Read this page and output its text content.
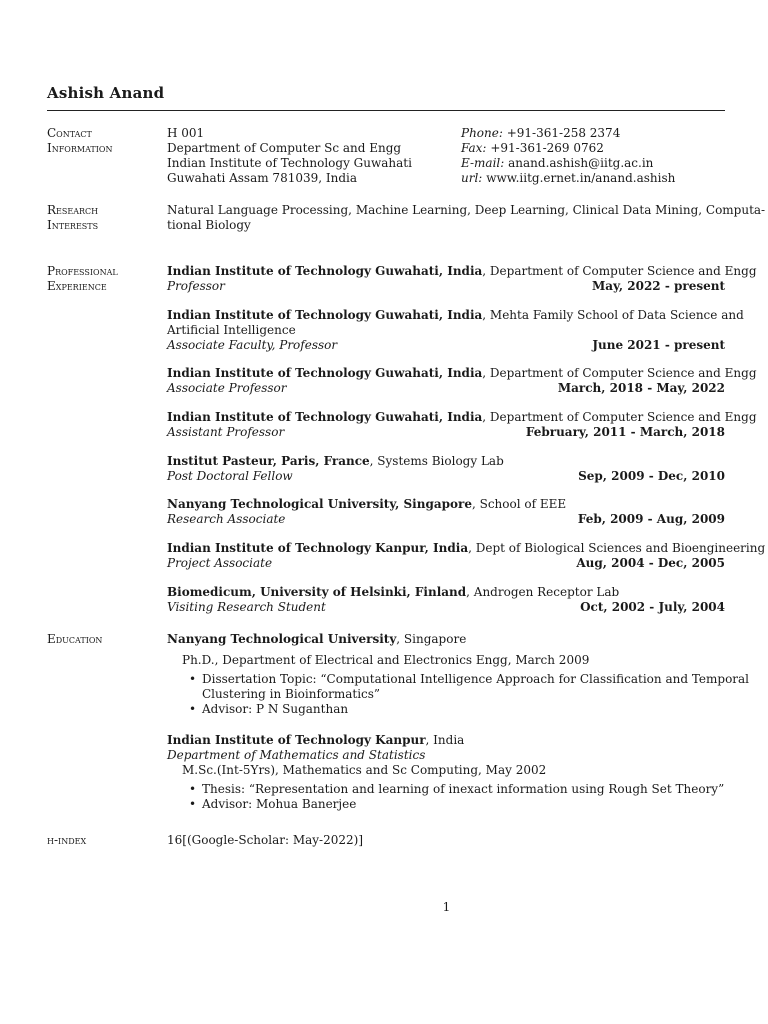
Ashish Anand
Contact
Information
H 001
Department of Computer Sc and Engg
Indian Institute of Technology Guwahati
Guwahati Assam 781039, India
Phone: +91-361-258 2374
Fax: +91-361-269 0762
E-mail: anand.ashish@iitg.ac.in
url: www.iitg.ernet.in/anand.ashish
Research
Interests
Natural Language Processing, Machine Learning, Deep Learning, Clinical Data Mining, Computa-
tional Biology
Professional
Experience
Indian Institute of Technology Guwahati, India, Department of Computer Science and Engg
Professor	May, 2022 - present
Indian Institute of Technology Guwahati, India, Mehta Family School of Data Science and
Artificial Intelligence
Associate Faculty, Professor	June 2021 - present
Indian Institute of Technology Guwahati, India, Department of Computer Science and Engg
Associate Professor	March, 2018 - May, 2022
Indian Institute of Technology Guwahati, India, Department of Computer Science and Engg
Assistant Professor	February, 2011 - March, 2018
Institut Pasteur, Paris, France, Systems Biology Lab
Post Doctoral Fellow	Sep, 2009 - Dec, 2010
Nanyang Technological University, Singapore, School of EEE
Research Associate	Feb, 2009 - Aug, 2009
Indian Institute of Technology Kanpur, India, Dept of Biological Sciences and Bioengineering
Project Associate	Aug, 2004 - Dec, 2005
Biomedicum, University of Helsinki, Finland, Androgen Receptor Lab
Visiting Research Student	Oct, 2002 - July, 2004
Education	Nanyang Technological University, Singapore
Ph.D., Department of Electrical and Electronics Engg, March 2009
• Dissertation Topic: “Computational Intelligence Approach for Classification and Temporal
Clustering in Bioinformatics”
• Advisor: P N Suganthan
Indian Institute of Technology Kanpur, India
Department of Mathematics and Statistics
M.Sc.(Int-5Yrs), Mathematics and Sc Computing, May 2002
• Thesis: “Representation and learning of inexact information using Rough Set Theory”
• Advisor: Mohua Banerjee
h-index	16[(Google-Scholar: May-2022)]
1
